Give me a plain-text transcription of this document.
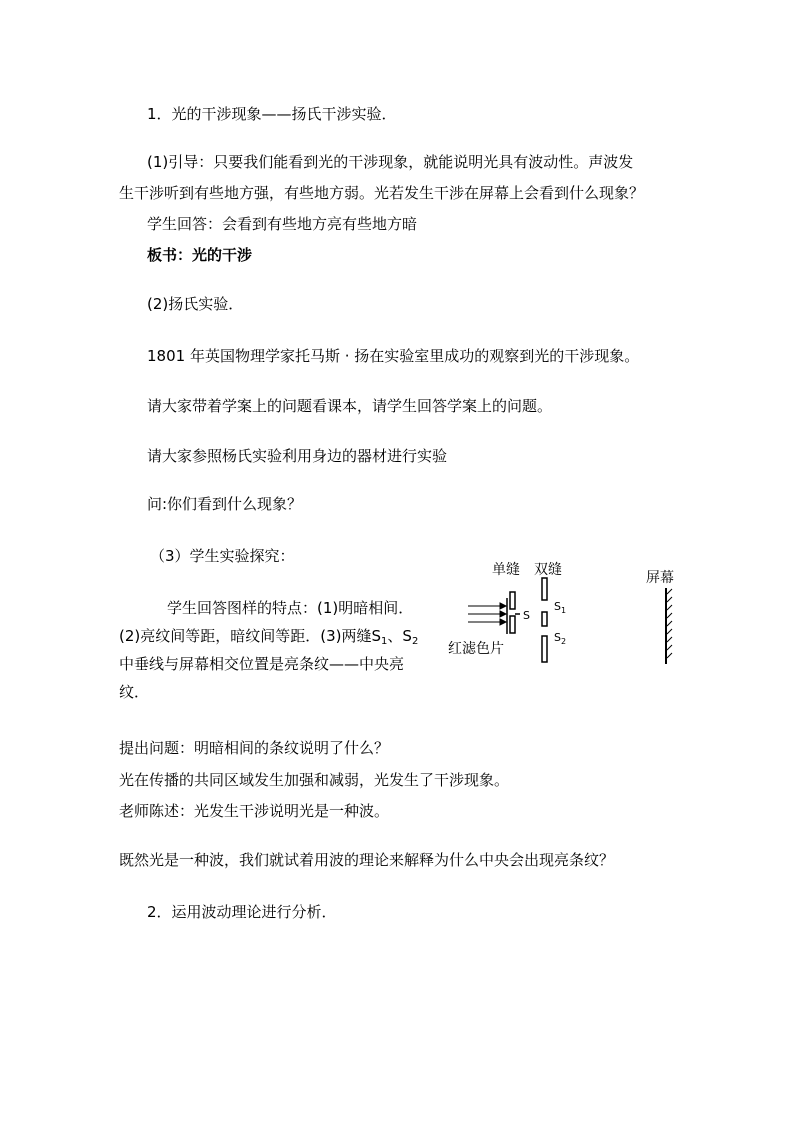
1．光的干涉现象——扬氏干涉实验．
(1)引导：只要我们能看到光的干涉现象，就能说明光具有波动性。声波发
生干涉听到有些地方强，有些地方弱。光若发生干涉在屏幕上会看到什么现象？
学生回答：会看到有些地方亮有些地方暗
板书：光的干涉
(2)扬氏实验．
1801 年英国物理学家托马斯 · 扬在实验室里成功的观察到光的干涉现象。
请大家带着学案上的问题看课本，请学生回答学案上的问题。
请大家参照杨氏实验利用身边的器材进行实验
问:你们看到什么现象？
（3）学生实验探究：
学生回答图样的特点：(1)明暗相间．(2)亮纹间等距，暗纹间等距．(3)两缝$S_1$、$S_2$中垂线与屏幕相交位置是亮条纹——中央亮纹．
单缝 双缝	屏幕
S
$S_1$
$S_2$
红滤色片
提出问题：明暗相间的条纹说明了什么？
光在传播的共同区域发生加强和减弱，光发生了干涉现象。
老师陈述：光发生干涉说明光是一种波。
既然光是一种波，我们就试着用波的理论来解释为什么中央会出现亮条纹？
2．运用波动理论进行分析．
